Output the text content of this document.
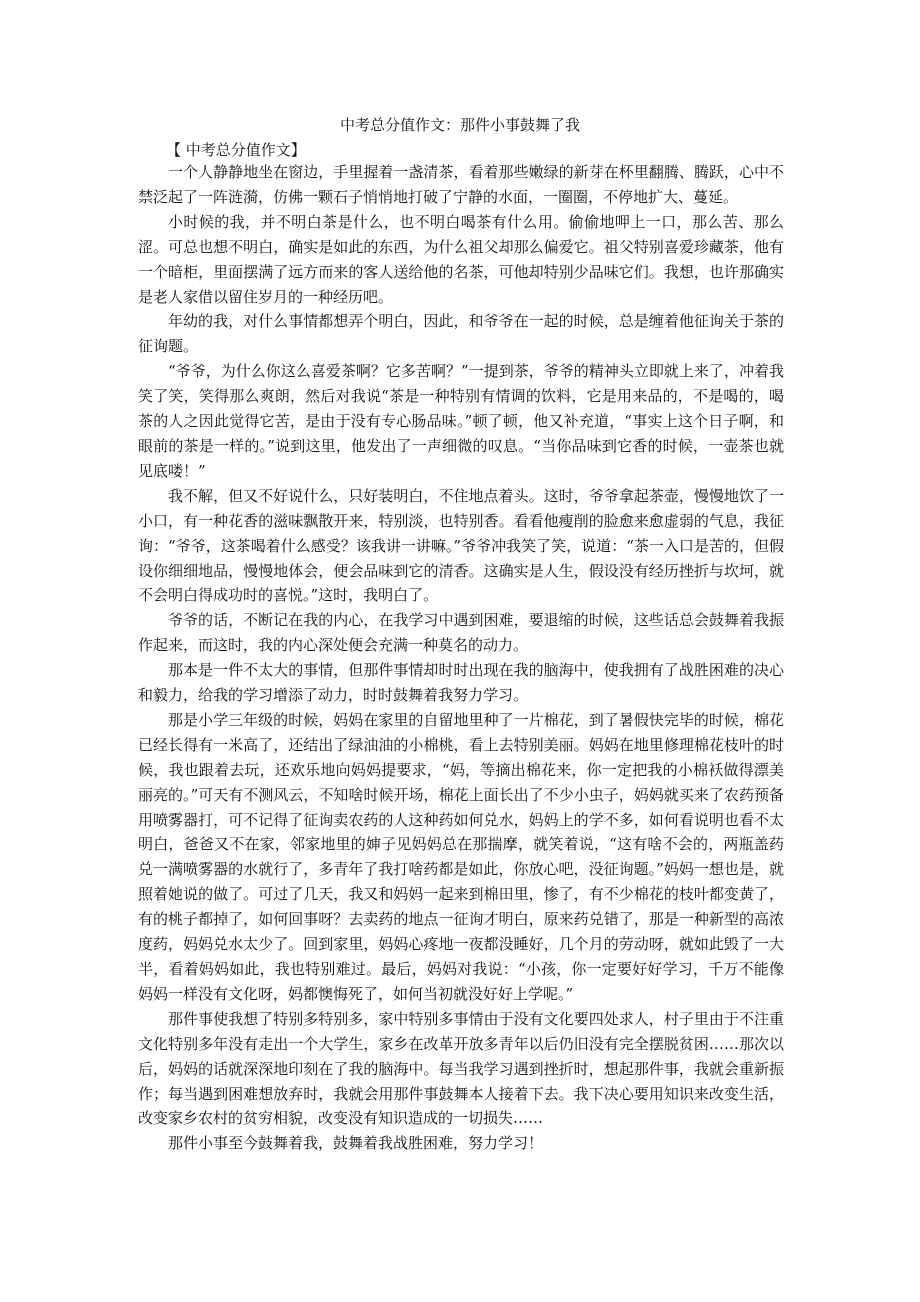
中考总分值作文：那件小事鼓舞了我
【 中考总分值作文】

一个人静静地坐在窗边，手里握着一盏清茶，看着那些嫩绿的新芽在杯里翻腾、腾跃，心中不禁泛起了一阵涟漪，仿佛一颗石子悄悄地打破了宁静的水面，一圈圈，不停地扩大、蔓延。

小时候的我，并不明白茶是什么，也不明白喝茶有什么用。偷偷地呷上一口，那么苦、那么涩。可总也想不明白，确实是如此的东西，为什么祖父却那么偏爱它。祖父特别喜爱珍藏茶，他有一个暗柜，里面摆满了远方而来的客人送给他的名茶，可他却特别少品味它们。我想，也许那确实是老人家借以留住岁月的一种经历吧。

年幼的我，对什么事情都想弄个明白，因此，和爷爷在一起的时候，总是缠着他征询关于茶的征询题。

“爷爷，为什么你这么喜爱茶啊？它多苦啊？”一提到茶，爷爷的精神头立即就上来了，冲着我笑了笑，笑得那么爽朗，然后对我说“茶是一种特别有情调的饮料，它是用来品的，不是喝的，喝茶的人之因此觉得它苦，是由于没有专心肠品味。”顿了顿，他又补充道，“事实上这个日子啊，和眼前的茶是一样的。”说到这里，他发出了一声细微的叹息。“当你品味到它香的时候，一壶茶也就见底喽！”

我不解，但又不好说什么，只好装明白，不住地点着头。这时，爷爷拿起茶壶，慢慢地饮了一小口，有一种花香的滋味飘散开来，特别淡，也特别香。看看他瘦削的脸愈来愈虚弱的气息，我征询：“爷爷，这茶喝着什么感受？该我讲一讲嘛。”爷爷冲我笑了笑，说道：“茶一入口是苦的，但假设你细细地品，慢慢地体会，便会品味到它的清香。这确实是人生，假设没有经历挫折与坎坷，就不会明白得成功时的喜悦。”这时，我明白了。

爷爷的话，不断记在我的内心，在我学习中遇到困难，要退缩的时候，这些话总会鼓舞着我振作起来，而这时，我的内心深处便会充满一种莫名的动力。

那本是一件不太大的事情，但那件事情却时时出现在我的脑海中，使我拥有了战胜困难的决心和毅力，给我的学习增添了动力，时时鼓舞着我努力学习。

那是小学三年级的时候，妈妈在家里的自留地里种了一片棉花，到了暑假快完毕的时候，棉花已经长得有一米高了，还结出了绿油油的小棉桃，看上去特别美丽。妈妈在地里修理棉花枝叶的时候，我也跟着去玩，还欢乐地向妈妈提要求，“妈，等摘出棉花来，你一定把我的小棉袄做得漂美丽亮的。”可天有不测风云，不知啥时候开场，棉花上面长出了不少小虫子，妈妈就买来了农药预备用喷雾器打，可不记得了征询卖农药的人这种药如何兑水，妈妈上的学不多，如何看说明也看不太明白，爸爸又不在家，邻家地里的婶子见妈妈总在那揣摩，就笑着说，“这有啥不会的，两瓶盖药兑一满喷雾器的水就行了，多青年了我打啥药都是如此，你放心吧，没征询题。”妈妈一想也是，就照着她说的做了。可过了几天，我又和妈妈一起来到棉田里，惨了，有不少棉花的枝叶都变黄了，有的桃子都掉了，如何回事呀？去卖药的地点一征询才明白，原来药兑错了，那是一种新型的高浓度药，妈妈兑水太少了。回到家里，妈妈心疼地一夜都没睡好，几个月的劳动呀，就如此毁了一大半，看着妈妈如此，我也特别难过。最后，妈妈对我说：“小孩，你一定要好好学习，千万不能像妈妈一样没有文化呀，妈都懊悔死了，如何当初就没好好上学呢。”

那件事使我想了特别多特别多，家中特别多事情由于没有文化要四处求人，村子里由于不注重文化特别多年没有走出一个大学生，家乡在改革开放多青年以后仍旧没有完全摆脱贫困……那次以后，妈妈的话就深深地印刻在了我的脑海中。每当我学习遇到挫折时，想起那件事，我就会重新振作；每当遇到困难想放弃时，我就会用那件事鼓舞本人接着下去。我下决心要用知识来改变生活，改变家乡农村的贫穷相貌，改变没有知识造成的一切损失……

那件小事至今鼓舞着我，鼓舞着我战胜困难，努力学习！
